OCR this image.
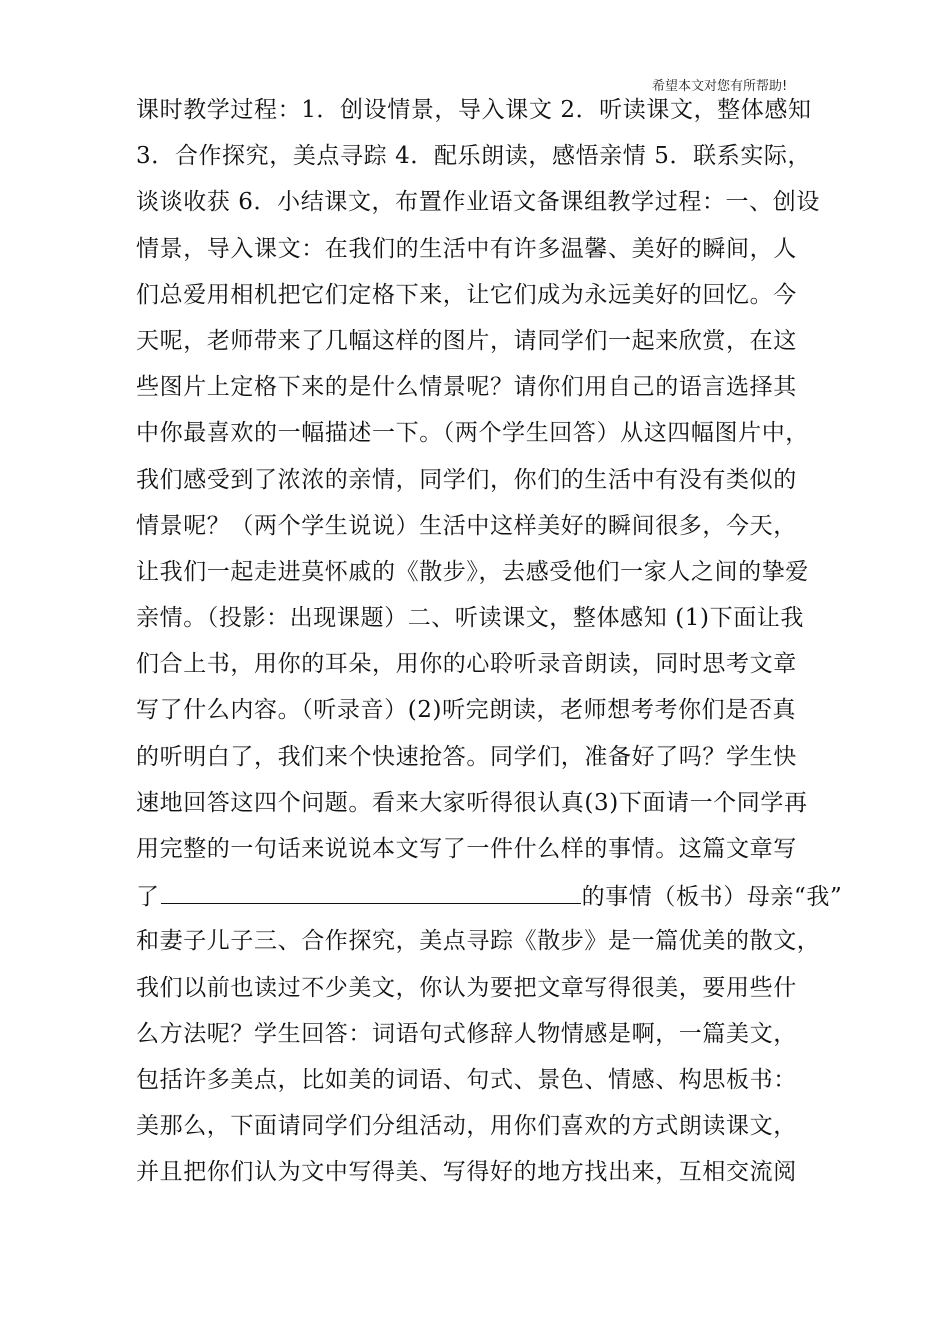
希望本文对您有所帮助!
课时教学过程：1．创设情景，导入课文 2．听读课文，整体感知
3．合作探究，美点寻踪 4．配乐朗读，感悟亲情 5．联系实际，
谈谈收获 6．小结课文，布置作业语文备课组教学过程：一、创设
情景，导入课文：在我们的生活中有许多温馨、美好的瞬间，人
们总爱用相机把它们定格下来，让它们成为永远美好的回忆。今
天呢，老师带来了几幅这样的图片，请同学们一起来欣赏，在这
些图片上定格下来的是什么情景呢？请你们用自己的语言选择其
中你最喜欢的一幅描述一下。（两个学生回答）从这四幅图片中，
我们感受到了浓浓的亲情，同学们，你们的生活中有没有类似的
情景呢？（两个学生说说）生活中这样美好的瞬间很多，今天，
让我们一起走进莫怀戚的《散步》，去感受他们一家人之间的挚爱
亲情。（投影：出现课题）二、听读课文，整体感知 (1)下面让我
们合上书，用你的耳朵，用你的心聆听录音朗读，同时思考文章
写了什么内容。（听录音）(2)听完朗读，老师想考考你们是否真
的听明白了，我们来个快速抢答。同学们，准备好了吗？学生快
速地回答这四个问题。看来大家听得很认真(3)下面请一个同学再
用完整的一句话来说说本文写了一件什么样的事情。这篇文章写
了	的事情（板书）母亲“我”
和妻子儿子三、合作探究，美点寻踪《散步》是一篇优美的散文，
我们以前也读过不少美文，你认为要把文章写得很美，要用些什
么方法呢？学生回答：词语句式修辞人物情感是啊，一篇美文，
包括许多美点，比如美的词语、句式、景色、情感、构思板书：
美那么，下面请同学们分组活动，用你们喜欢的方式朗读课文，
并且把你们认为文中写得美、写得好的地方找出来，互相交流阅
